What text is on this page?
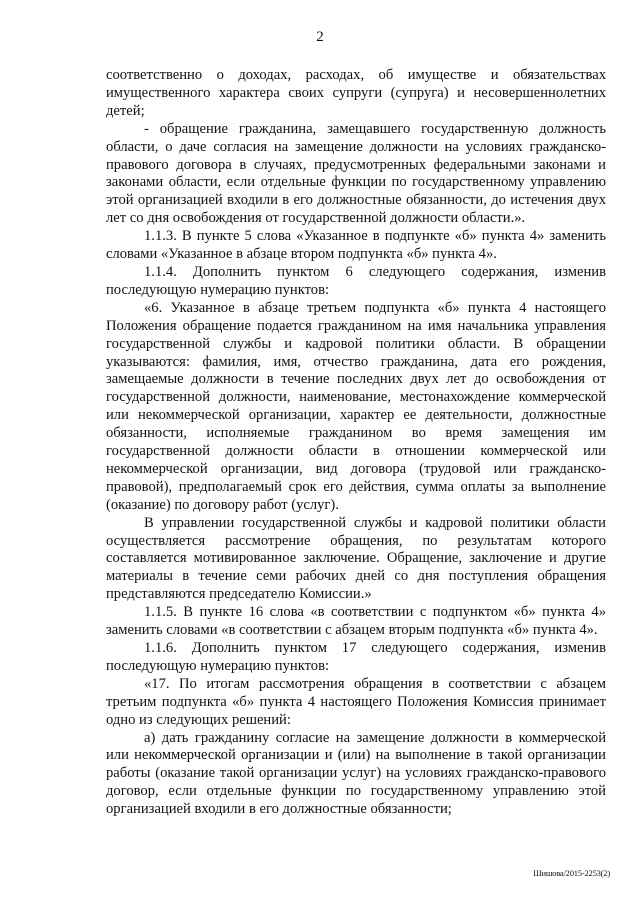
2

соответственно о доходах, расходах, об имуществе и обязательствах имущественного характера своих супруги (супруга) и несовершеннолетних детей;

- обращение гражданина, замещавшего государственную должность области, о даче согласия на замещение должности на условиях гражданско-правового договора в случаях, предусмотренных федеральными законами и законами области, если отдельные функции по государственному управлению этой организацией входили в его должностные обязанности, до истечения двух лет со дня освобождения от государственной должности области.».

1.1.3. В пункте 5 слова «Указанное в подпункте «б» пункта 4» заменить словами «Указанное в абзаце втором подпункта «б» пункта 4».

1.1.4. Дополнить пунктом 6 следующего содержания, изменив последующую нумерацию пунктов:

«6. Указанное в абзаце третьем подпункта «б» пункта 4 настоящего Положения обращение подается гражданином на имя начальника управления государственной службы и кадровой политики области. В обращении указываются: фамилия, имя, отчество гражданина, дата его рождения, замещаемые должности в течение последних двух лет до освобождения от государственной должности, наименование, местонахождение коммерческой или некоммерческой организации, характер ее деятельности, должностные обязанности, исполняемые гражданином во время замещения им государственной должности области в отношении коммерческой или некоммерческой организации, вид договора (трудовой или гражданско-правовой), предполагаемый срок его действия, сумма оплаты за выполнение (оказание) по договору работ (услуг).

В управлении государственной службы и кадровой политики области осуществляется рассмотрение обращения, по результатам которого составляется мотивированное заключение. Обращение, заключение и другие материалы в течение семи рабочих дней со дня поступления обращения представляются председателю Комиссии.»

1.1.5. В пункте 16 слова «в соответствии с подпунктом «б» пункта 4» заменить словами «в соответствии с абзацем вторым подпункта «б» пункта 4».

1.1.6. Дополнить пунктом 17 следующего содержания, изменив последующую нумерацию пунктов:

«17. По итогам рассмотрения обращения в соответствии с абзацем третьим подпункта «б» пункта 4 настоящего Положения Комиссия принимает одно из следующих решений:

а) дать гражданину согласие на замещение должности в коммерческой или некоммерческой организации и (или) на выполнение в такой организации работы (оказание такой организации услуг) на условиях гражданско-правового договор, если отдельные функции по государственному управлению этой организацией входили в его должностные обязанности;

Шишова/2015-2253(2)
